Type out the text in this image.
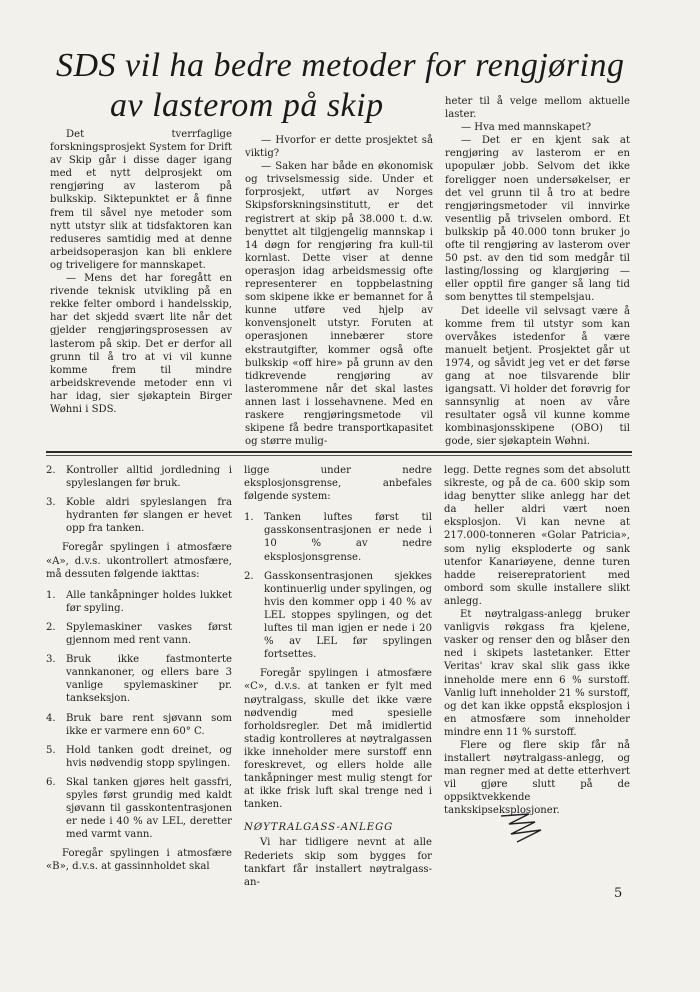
SDS vil ha bedre metoder for rengjøring
av lasterom på skip

Det tverrfaglige forskningsprosjekt System for Drift av Skip går i disse dager igang med et nytt delprosjekt om rengjøring av lasterom på bulkskip. Siktepunktet er å finne frem til såvel nye metoder som nytt utstyr slik at tidsfaktoren kan reduseres samtidig med at denne arbeidsoperasjon kan bli enklere og triveligere for mannskapet.

— Mens det har foregått en rivende teknisk utvikling på en rekke felter ombord i handelsskip, har det skjedd svært lite når det gjelder rengjøringsprosessen av lasterom på skip. Det er derfor all grunn til å tro at vi vil kunne komme frem til mindre arbeidskrevende metoder enn vi har idag, sier sjøkaptein Birger Wøhni i SDS.

— Hvorfor er dette prosjektet så viktig?

— Saken har både en økonomisk og trivselsmessig side. Under et forprosjekt, utført av Norges Skipsforskningsinstitutt, er det registrert at skip på 38.000 t. d.w. benyttet alt tilgjengelig mannskap i 14 døgn for rengjøring fra kull-til kornlast. Dette viser at denne operasjon idag arbeidsmessig ofte representerer en toppbelastning som skipene ikke er bemannet for å kunne utføre ved hjelp av konvensjonelt utstyr. Foruten at operasjonen innebærer store ekstrautgifter, kommer også ofte bulkskip «off hire» på grunn av den tidkrevende rengjøring av lasterommene når det skal lastes annen last i lossehavnene. Med en raskere rengjøringsmetode vil skipene få bedre transportkapasitet og større mulig-

heter til å velge mellom aktuelle laster.

— Hva med mannskapet?

— Det er en kjent sak at rengjøring av lasterom er en upopulær jobb. Selvom det ikke foreligger noen undersøkelser, er det vel grunn til å tro at bedre rengjøringsmetoder vil innvirke vesentlig på trivselen ombord. Et bulkskip på 40.000 tonn bruker jo ofte til rengjøring av lasterom over 50 pst. av den tid som medgår til lasting/lossing og klargjøring — eller opptil fire ganger så lang tid som benyttes til stempelsjau.

Det ideelle vil selvsagt være å komme frem til utstyr som kan overvåkes istedenfor å være manuelt betjent. Prosjektet går ut 1974, og såvidt jeg vet er det førse gang at noe tilsvarende blir igangsatt. Vi holder det forøvrig for sannsynlig at noen av våre resultater også vil kunne komme kombinasjonsskipene (OBO) til gode, sier sjøkaptein Wøhni.

2.	Kontroller alltid jordledning i spyleslangen før bruk.
3.	Koble aldri spyleslangen fra hydranten før slangen er hevet opp fra tanken.

Foregår spylingen i atmosfære «A», d.v.s. ukontrollert atmosfære, må dessuten følgende iakttas:

1.	Alle tankåpninger holdes lukket før spyling.
2.	Spylemaskiner vaskes først gjennom med rent vann.
3.	Bruk ikke fastmonterte vannkanoner, og ellers bare 3 vanlige spylemaskiner pr. tankseksjon.
4.	Bruk bare rent sjøvann som ikke er varmere enn 60° C.
5.	Hold tanken godt dreinet, og hvis nødvendig stopp spylingen.
6.	Skal tanken gjøres helt gassfri, spyles først grundig med kaldt sjøvann til gasskontentrasjonen er nede i 40 % av LEL, deretter med varmt vann.

Foregår spylingen i atmosfære «B», d.v.s. at gassinnholdet skal

ligge under nedre eksplosjonsgrense, anbefales følgende system:

1.	Tanken luftes først til gasskonsentrasjonen er nede i 10 % av nedre eksplosjonsgrense.
2.	Gasskonsentrasjonen sjekkes kontinuerlig under spylingen, og hvis den kommer opp i 40 % av LEL stoppes spylingen, og det luftes til man igjen er nede i 20 % av LEL før spylingen fortsettes.

Foregår spylingen i atmosfære «C», d.v.s. at tanken er fylt med nøytralgass, skulle det ikke være nødvendig med spesielle forholdsregler. Det må imidlertid stadig kontrolleres at nøytralgassen ikke inneholder mere surstoff enn foreskrevet, og ellers holde alle tankåpninger mest mulig stengt for at ikke frisk luft skal trenge ned i tanken.

NØYTRALGASS-ANLEGG

Vi har tidligere nevnt at alle Rederiets skip som bygges for tankfart får installert nøytralgass-an-

legg. Dette regnes som det absolutt sikreste, og på de ca. 600 skip som idag benytter slike anlegg har det da heller aldri vært noen eksplosjon. Vi kan nevne at 217.000-tonneren «Golar Patricia», som nylig eksploderte og sank utenfor Kanariøyene, denne turen hadde reiserepratorient med ombord som skulle installere slikt anlegg.

Et nøytralgass-anlegg bruker vanligvis røkgass fra kjelene, vasker og renser den og blåser den ned i skipets lastetanker. Etter Veritas' krav skal slik gass ikke inneholde mere enn 6 % surstoff. Vanlig luft inneholder 21 % surstoff, og det kan ikke oppstå eksplosjon i en atmosfære som inneholder mindre enn 11 % surstoff.

Flere og flere skip får nå installert nøytralgass-anlegg, og man regner med at dette etterhvert vil gjøre slutt på de oppsiktvekkende tankskipseksplosjoner.

5
